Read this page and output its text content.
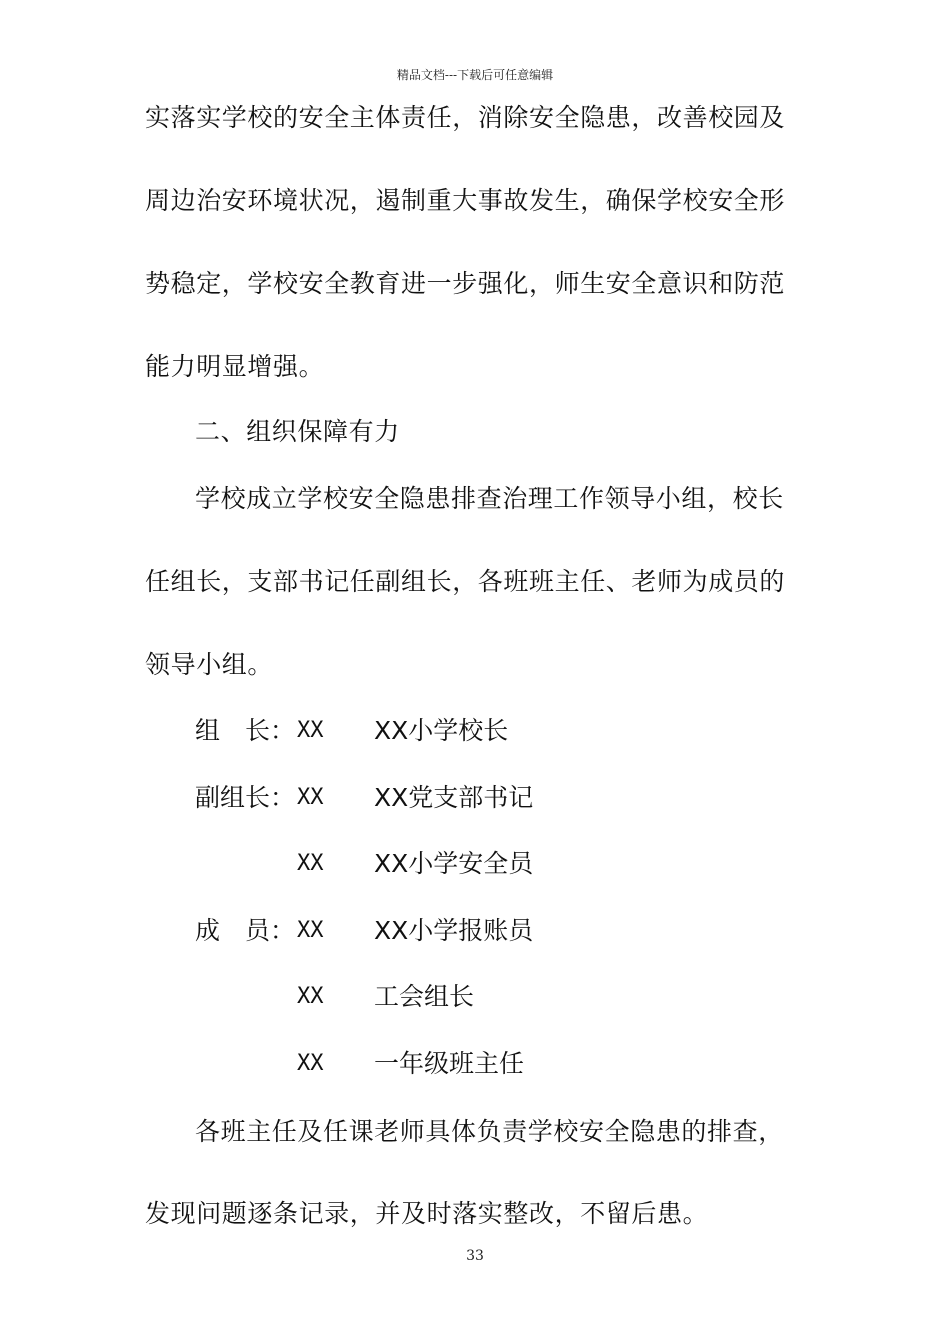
精品文档---下载后可任意编辑
实落实学校的安全主体责任，消除安全隐患，改善校园及
周边治安环境状况，遏制重大事故发生，确保学校安全形
势稳定，学校安全教育进一步强化，师生安全意识和防范
能力明显增强。
二、组织保障有力
学校成立学校安全隐患排查治理工作领导小组，校长
任组长，支部书记任副组长，各班班主任、老师为成员的
领导小组。
组　长： XX XX小学校长
副组长： XX XX党支部书记
XX XX小学安全员
成　员： XX XX小学报账员
XX 工会组长
XX 一年级班主任
各班主任及任课老师具体负责学校安全隐患的排查，
发现问题逐条记录，并及时落实整改，不留后患。
33
